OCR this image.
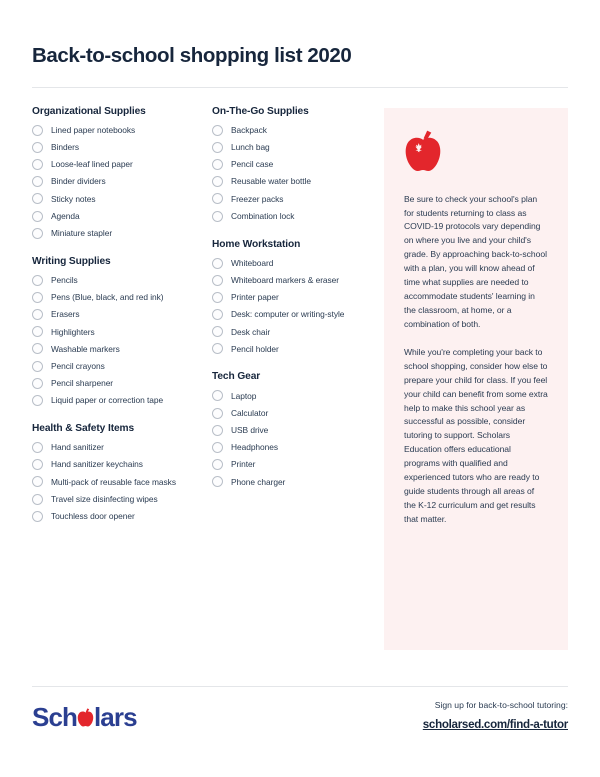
Back-to-school shopping list 2020
Organizational Supplies
Lined paper notebooks
Binders
Loose-leaf lined paper
Binder dividers
Sticky notes
Agenda
Miniature stapler
Writing Supplies
Pencils
Pens (Blue, black, and red ink)
Erasers
Highlighters
Washable markers
Pencil crayons
Pencil sharpener
Liquid paper or correction tape
Health & Safety Items
Hand sanitizer
Hand sanitizer keychains
Multi-pack of reusable face masks
Travel size disinfecting wipes
Touchless door opener
On-The-Go Supplies
Backpack
Lunch bag
Pencil case
Reusable water bottle
Freezer packs
Combination lock
Home Workstation
Whiteboard
Whiteboard markers & eraser
Printer paper
Desk: computer or writing-style
Desk chair
Pencil holder
Tech Gear
Laptop
Calculator
USB drive
Headphones
Printer
Phone charger

Be sure to check your school's plan for students returning to class as COVID-19 protocols vary depending on where you live and your child's grade. By approaching back-to-school with a plan, you will know ahead of time what supplies are needed to accommodate students' learning in the classroom, at home, or a combination of both.

While you're completing your back to school shopping, consider how else to prepare your child for class. If you feel your child can benefit from some extra help to make this school year as successful as possible, consider tutoring to support. Scholars Education offers educational programs with qualified and experienced tutors who are ready to guide students through all areas of the K-12 curriculum and get results that matter.

Sch lars	Sign up for back-to-school tutoring:

scholarsed.com/find-a-tutor
